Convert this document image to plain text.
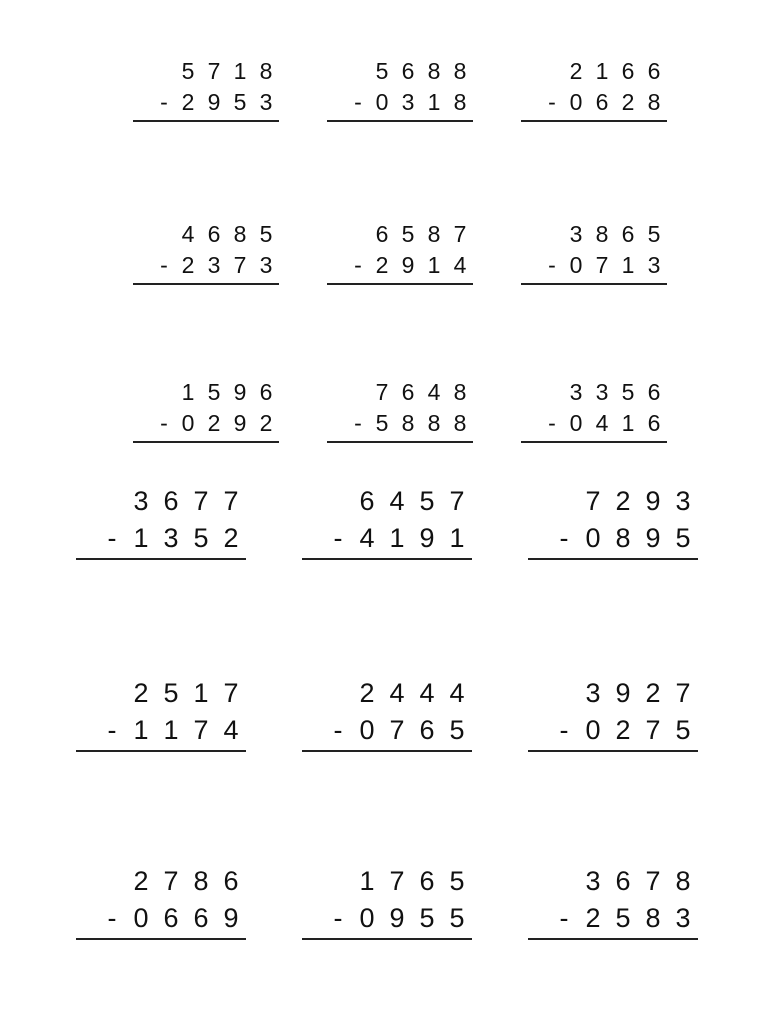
5 7 1 8
- 2 9 5 3
5 6 8 8
- 0 3 1 8
2 1 6 6
- 0 6 2 8
4 6 8 5
- 2 3 7 3
6 5 8 7
- 2 9 1 4
3 8 6 5
- 0 7 1 3
1 5 9 6
- 0 2 9 2
7 6 4 8
- 5 8 8 8
3 3 5 6
- 0 4 1 6
3 6 7 7
- 1 3 5 2
6 4 5 7
- 4 1 9 1
7 2 9 3
- 0 8 9 5
2 5 1 7
- 1 1 7 4
2 4 4 4
- 0 7 6 5
3 9 2 7
- 0 2 7 5
2 7 8 6
- 0 6 6 9
1 7 6 5
- 0 9 5 5
3 6 7 8
- 2 5 8 3
